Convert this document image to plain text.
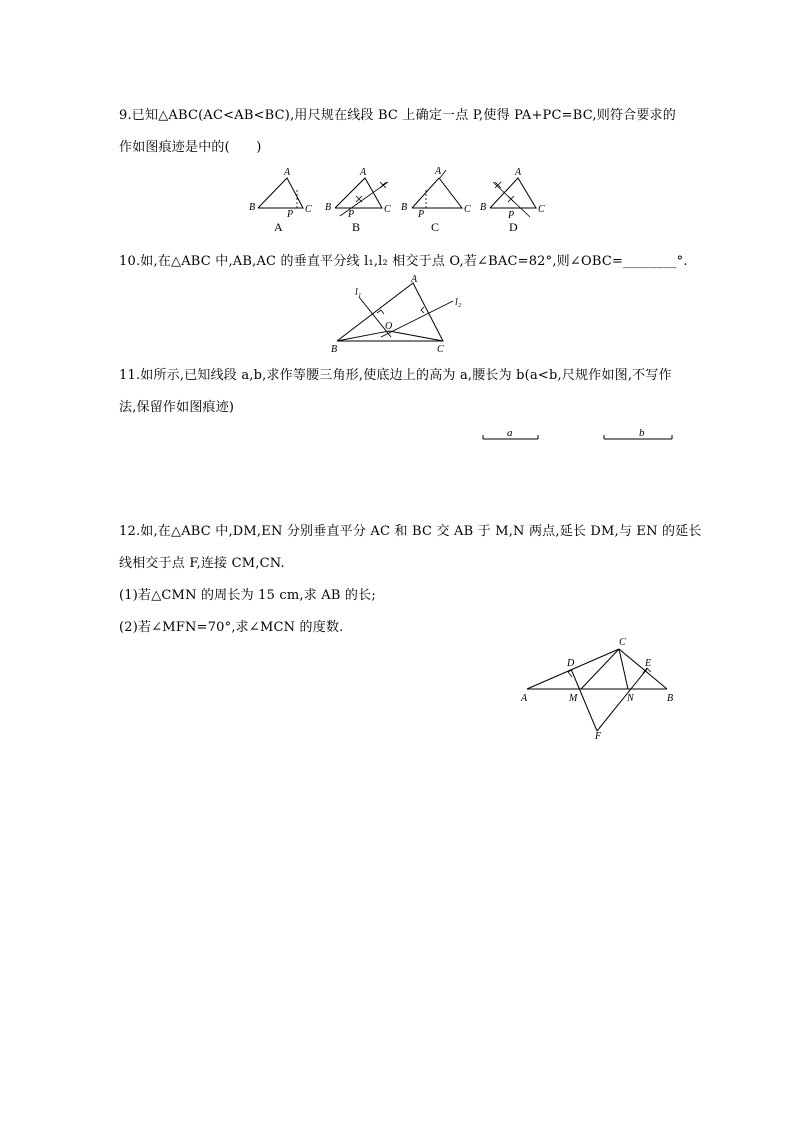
9.已知△ABC(AC<AB<BC),用尺规在线段 BC 上确定一点 P,使得 PA+PC=BC,则符合要求的
作如图痕迹是中的(　　)
B
A
C
P
B
A
C
P
B
A
C
P
B
A
C
P
A	B	C	D
10.如,在△ABC 中,AB,AC 的垂直平分线 l₁,l₂ 相交于点 O,若∠BAC=82°,则∠OBC=________°.
l₁
l₂
A
B	C
O
11.如所示,已知线段 a,b,求作等腰三角形,使底边上的高为 a,腰长为 b(a<b,尺规作如图,不写作
法,保留作如图痕迹)
a	b
12.如,在△ABC 中,DM,EN 分别垂直平分 AC 和 BC 交 AB 于 M,N 两点,延长 DM,与 EN 的延长
线相交于点 F,连接 CM,CN.
(1)若△CMN 的周长为 15 cm,求 AB 的长;
(2)若∠MFN=70°,求∠MCN 的度数.
C
D	E
A	M	N	B
F
